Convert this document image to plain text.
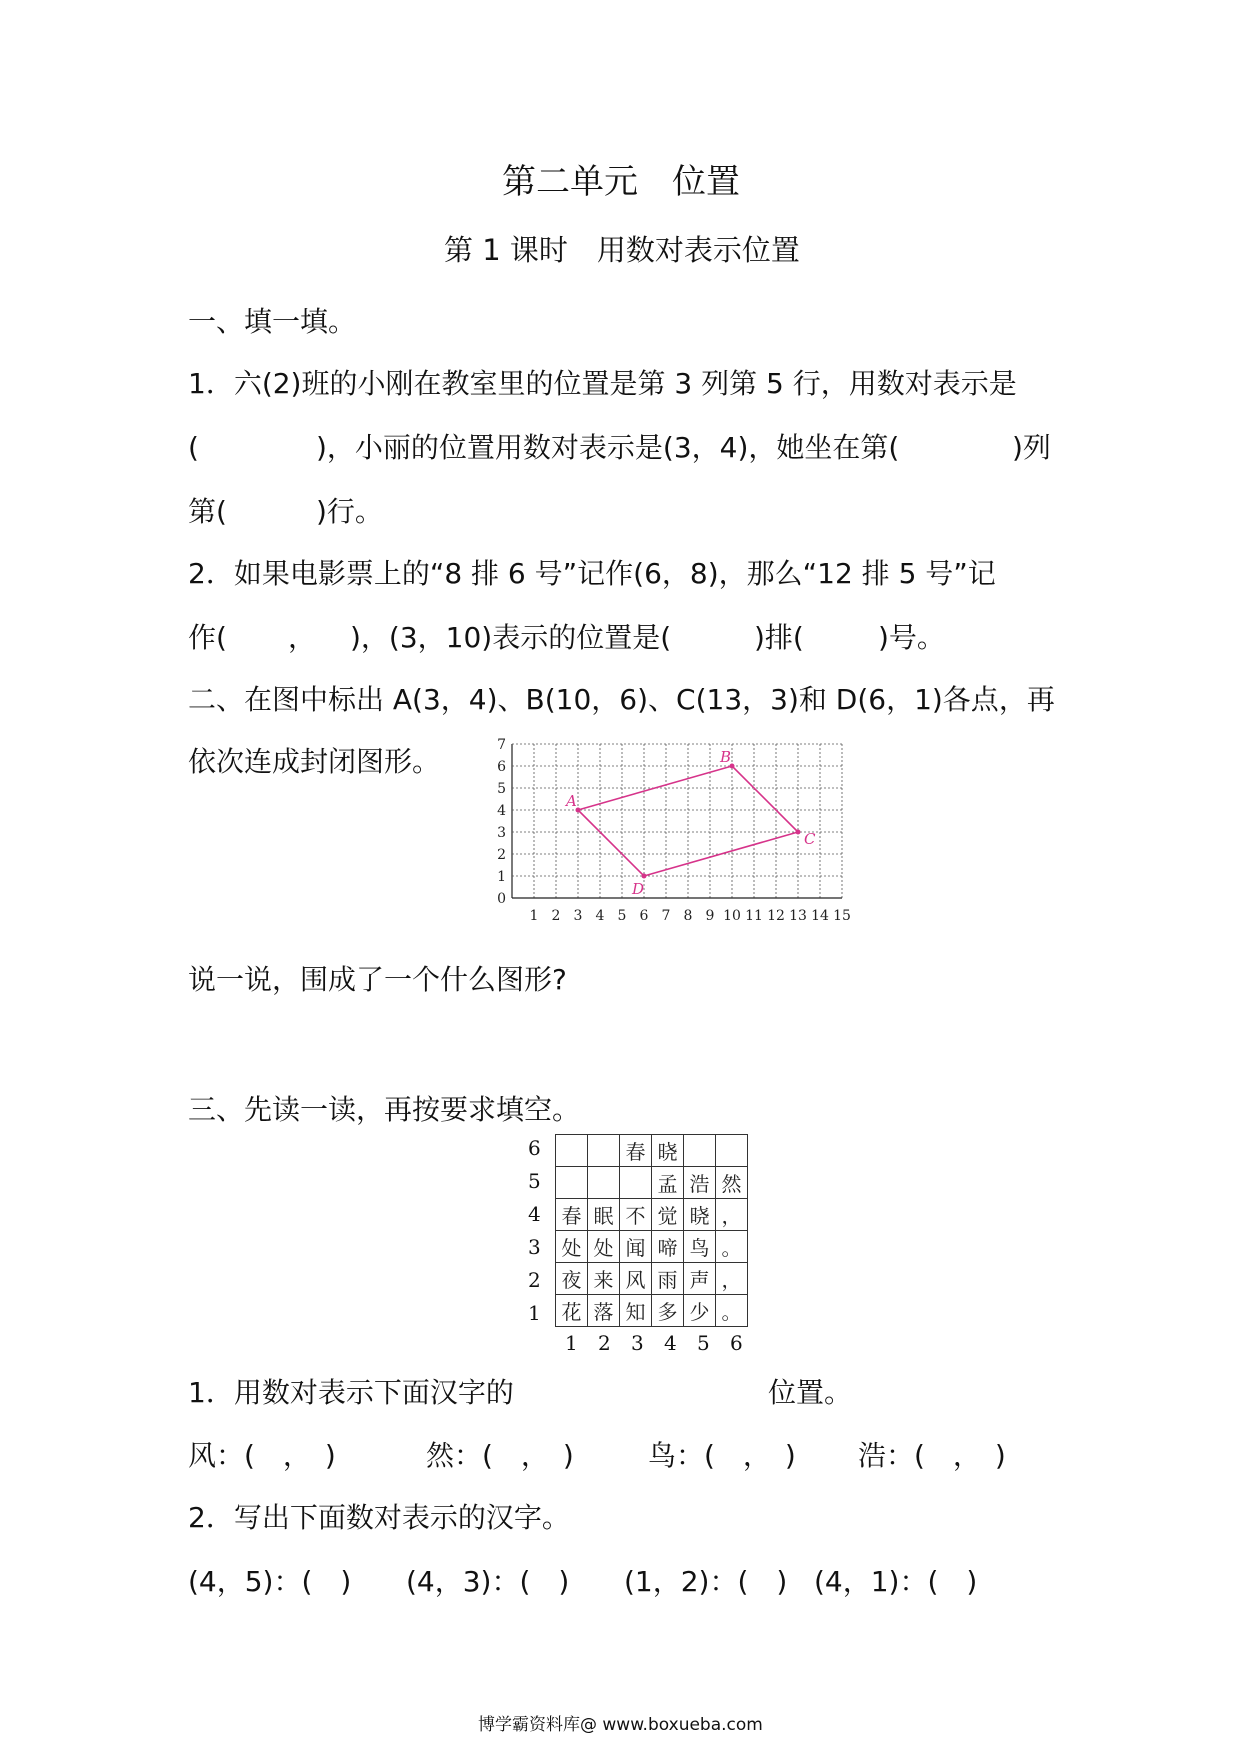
第二单元　位置
第 1 课时　用数对表示位置
一、填一填。
1．六(2)班的小刚在教室里的位置是第 3 列第 5 行，用数对表示是
(	)，小丽的位置用数对表示是(3，4)，她坐在第(	)列
第(	)行。
2．如果电影票上的“8 排 6 号”记作(6，8)，那么“12 排 5 号”记
作( ， )，(3，10)表示的位置是(	)排(	)号。
二、在图中标出 A(3，4)、B(10，6)、C(13，3)和 D(6，1)各点，再
依次连成封闭图形。
1 2 3 4 5 6 7 8 9 10 11 12 13 14 15
0
1
2
3
4
5
6
7
A
B
C
D
说一说，围成了一个什么图形?
三、先读一读，再按要求填空。
		春	晓		
			孟	浩	然
春	眠	不	觉	晓	，
处	处	闻	啼	鸟	。
夜	来	风	雨	声	，
花	落	知	多	少	。
6
5
4
3
2
1
1 2 3 4 5 6
1．用数对表示下面汉字的	位置。
风：(　，　)	然：(　，　)	鸟：(　，　) 浩：(　，　)
2．写出下面数对表示的汉字。
(4，5)：(　) (4，3)：(　) (1，2)：(　) (4，1)：(　)
博学霸资料库@ www.boxueba.com
